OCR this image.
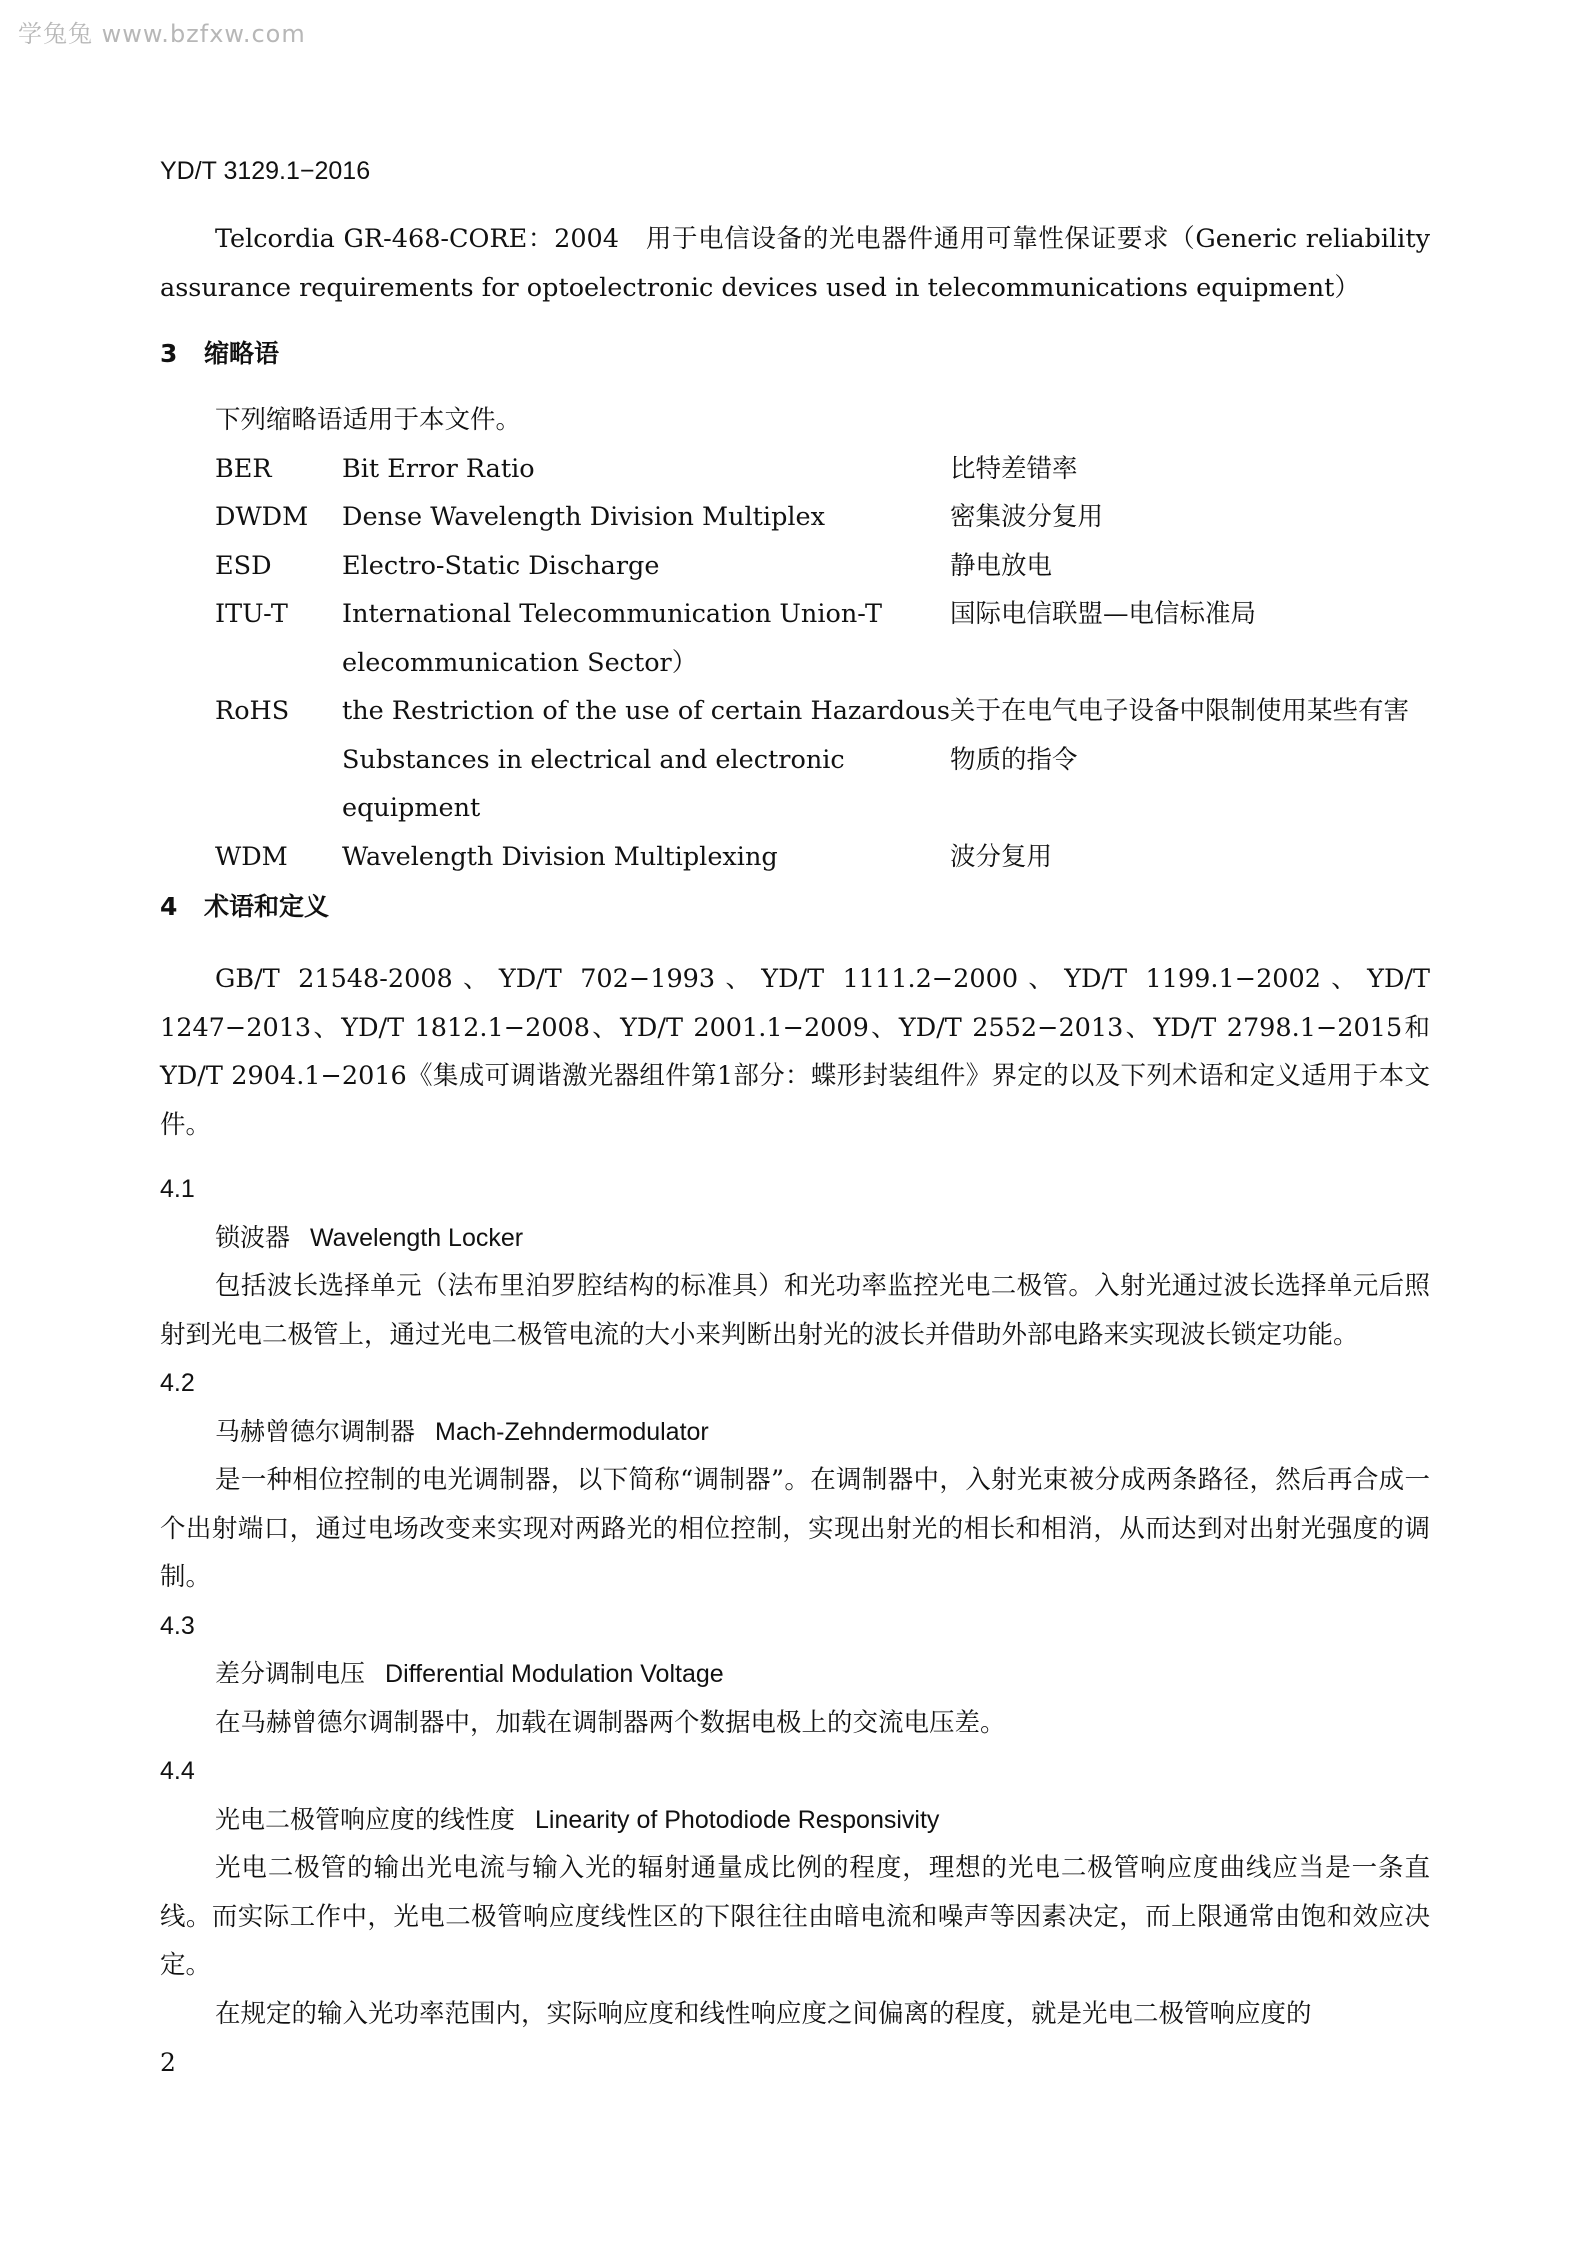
学兔兔 www.bzfxw.com
YD/T 3129.1−2016

Telcordia GR-468-CORE：2004　用于电信设备的光电器件通用可靠性保证要求（Generic reliability assurance requirements for optoelectronic devices used in telecommunications equipment）

3 缩略语

下列缩略语适用于本文件。

BER	Bit Error Ratio	比特差错率
DWDM	Dense Wavelength Division Multiplex	密集波分复用
ESD	Electro-Static Discharge	静电放电
ITU-T	International Telecommunication Union-T elecommunication Sector）	国际电信联盟—电信标准局
RoHS	the Restriction of the use of certain Hazardous Substances in electrical and electronic equipment	关于在电气电子设备中限制使用某些有害物质的指令
WDM	Wavelength Division Multiplexing	波分复用
4 术语和定义

GB/T 21548-2008、YD/T 702−1993、YD/T 1111.2−2000、YD/T 1199.1−2002、YD/T 1247−2013、YD/T 1812.1−2008、YD/T 2001.1−2009、YD/T 2552−2013、YD/T 2798.1−2015和YD/T 2904.1−2016《集成可调谐激光器组件第1部分：蝶形封装组件》界定的以及下列术语和定义适用于本文件。

4.1

锁波器 Wavelength Locker

包括波长选择单元（法布里泊罗腔结构的标准具）和光功率监控光电二极管。入射光通过波长选择单元后照射到光电二极管上，通过光电二极管电流的大小来判断出射光的波长并借助外部电路来实现波长锁定功能。

4.2

马赫曾德尔调制器 Mach-Zehndermodulator

是一种相位控制的电光调制器，以下简称“调制器”。在调制器中，入射光束被分成两条路径，然后再合成一个出射端口，通过电场改变来实现对两路光的相位控制，实现出射光的相长和相消，从而达到对出射光强度的调制。

4.3

差分调制电压 Differential Modulation Voltage

在马赫曾德尔调制器中，加载在调制器两个数据电极上的交流电压差。

4.4

光电二极管响应度的线性度 Linearity of Photodiode Responsivity

光电二极管的输出光电流与输入光的辐射通量成比例的程度，理想的光电二极管响应度曲线应当是一条直线。而实际工作中，光电二极管响应度线性区的下限往往由暗电流和噪声等因素决定，而上限通常由饱和效应决定。

在规定的输入光功率范围内，实际响应度和线性响应度之间偏离的程度，就是光电二极管响应度的

2
